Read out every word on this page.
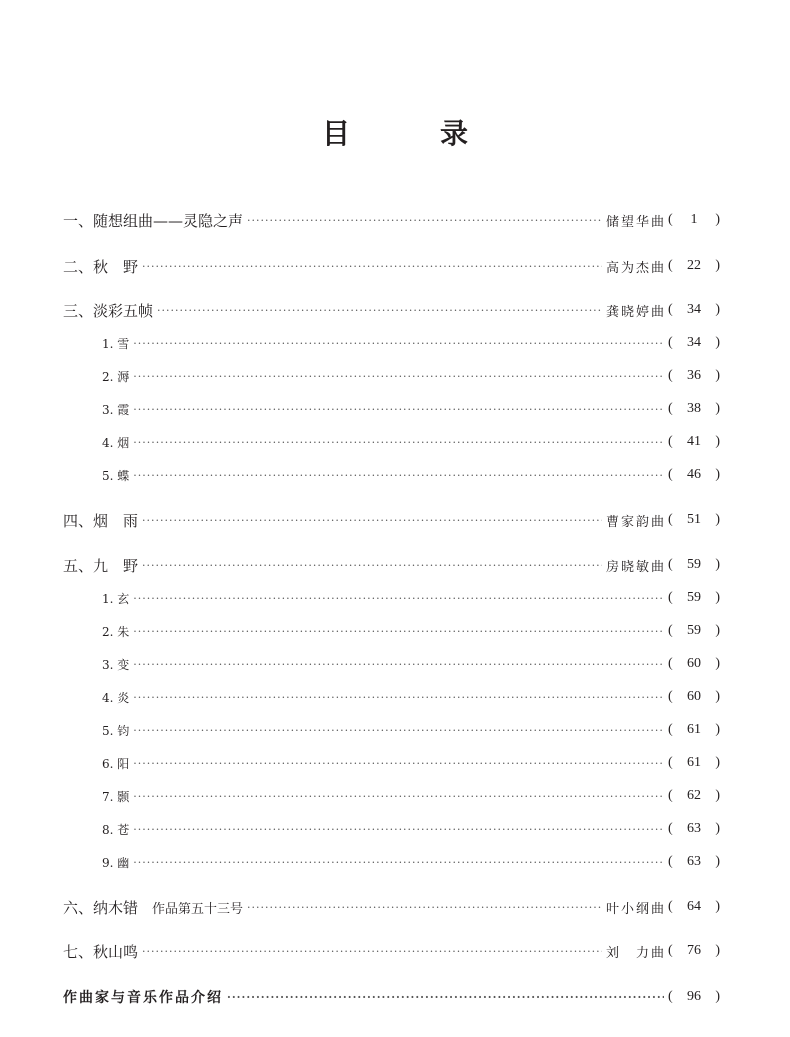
目	录
一、随想组曲——灵隐之声 ·····	储望华曲 ( 1 )
二、秋　野 ·····	高为杰曲 ( 22 )
三、淡彩五帧 ·····	龚晓婷曲 ( 34 )
1. 雪 ·····	( 34 )
2. 溽 ·····	( 36 )
3. 霞 ·····	( 38 )
4. 烟 ·····	( 41 )
5. 蝶 ·····	( 46 )
四、烟　雨 ·····	曹家韵曲 ( 51 )
五、九　野 ·····	房晓敏曲 ( 59 )
1. 玄 ·····	( 59 )
2. 朱 ·····	( 59 )
3. 变 ·····	( 60 )
4. 炎 ·····	( 60 )
5. 钧 ·····	( 61 )
6. 阳 ·····	( 61 )
7. 颢 ·····	( 62 )
8. 苍 ·····	( 63 )
9. 幽 ·····	( 63 )
六、纳木错 作品第五十三号 ·····	叶小纲曲 ( 64 )
七、秋山鸣 ·····	刘　力曲 ( 76 )
作曲家与音乐作品介绍 ·····	( 96 )
